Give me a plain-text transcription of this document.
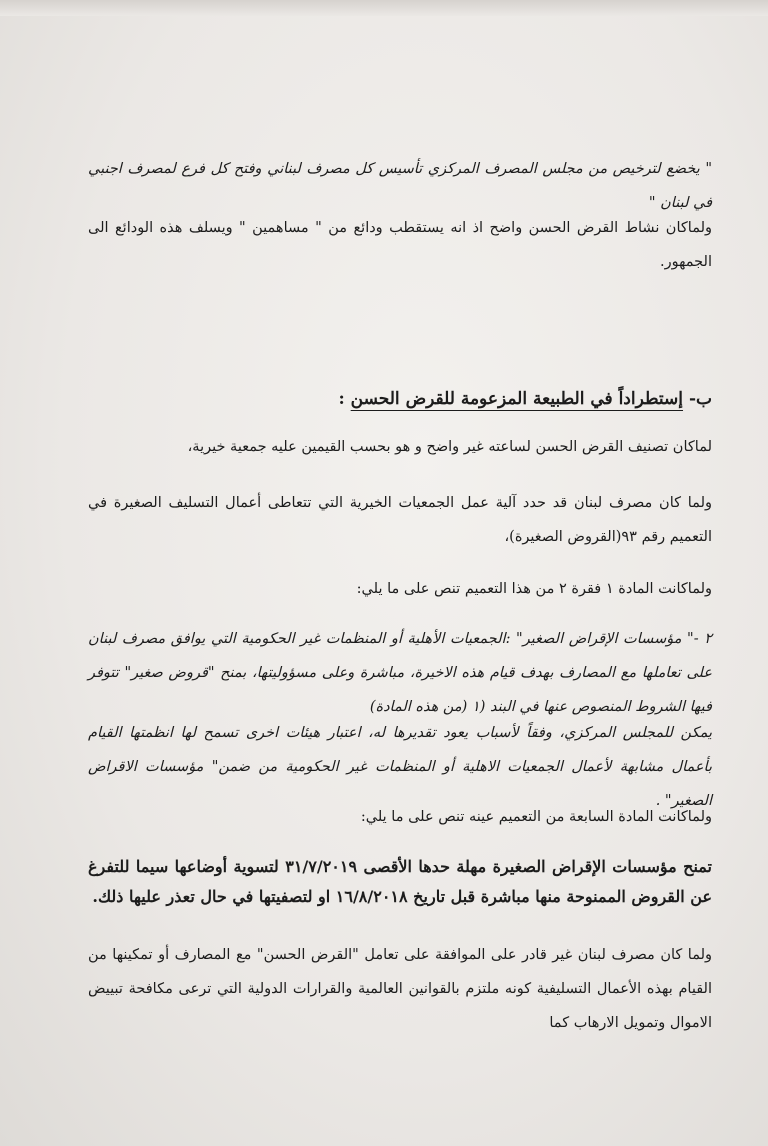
" يخضع لترخيص من مجلس المصرف المركزي تأسيس كل مصرف لبناني وفتح كل فرع لمصرف اجنبي في لبنان "

ولماكان نشاط القرض الحسن واضح اذ انه يستقطب ودائع من " مساهمين " ويسلف هذه الودائع الى الجمهور.

ب- إستطراداً في الطبيعة المزعومة للقرض الحسن :

لماكان تصنيف القرض الحسن لساعته غير واضح و هو بحسب القيمين عليه جمعية خيرية،

ولما كان مصرف لبنان قد حدد آلية عمل الجمعيات الخيرية التي تتعاطى أعمال التسليف الصغيرة في التعميم رقم ٩٣(القروض الصغيرة)،

ولماكانت المادة ١ فقرة ٢ من هذا التعميم تنص على ما يلي:

٢ -" مؤسسات الإقراض الصغير" :الجمعيات الأهلية أو المنظمات غير الحكومية التي يوافق مصرف لبنان على تعاملها مع المصارف بهدف قيام هذه الاخيرة، مباشرة وعلى مسؤوليتها، بمنح "قروض صغير" تتوفر فيها الشروط المنصوص عنها في البند (١ (من هذه المادة)

يمكن للمجلس المركزي، وفقاً لأسباب يعود تقديرها له، اعتبار هيئات اخرى تسمح لها انظمتها القيام بأعمال مشابهة لأعمال الجمعيات الاهلية أو المنظمات غير الحكومية من ضمن" مؤسسات الاقراض الصغير" .

ولماكانت المادة السابعة من التعميم عينه تنص على ما يلي:

تمنح مؤسسات الإقراض الصغيرة مهلة حدها الأقصى ٣١/٧/٢٠١٩ لتسوية أوضاعها سيما للتفرغ عن القروض الممنوحة منها مباشرة قبل تاريخ ١٦/٨/٢٠١٨ او لتصفيتها في حال تعذر عليها ذلك.

ولما كان مصرف لبنان غير قادر على الموافقة على تعامل "القرض الحسن" مع المصارف أو تمكينها من القيام بهذه الأعمال التسليفية كونه ملتزم بالقوانين العالمية والقرارات الدولية التي ترعى مكافحة تبييض الاموال وتمويل الارهاب كما
